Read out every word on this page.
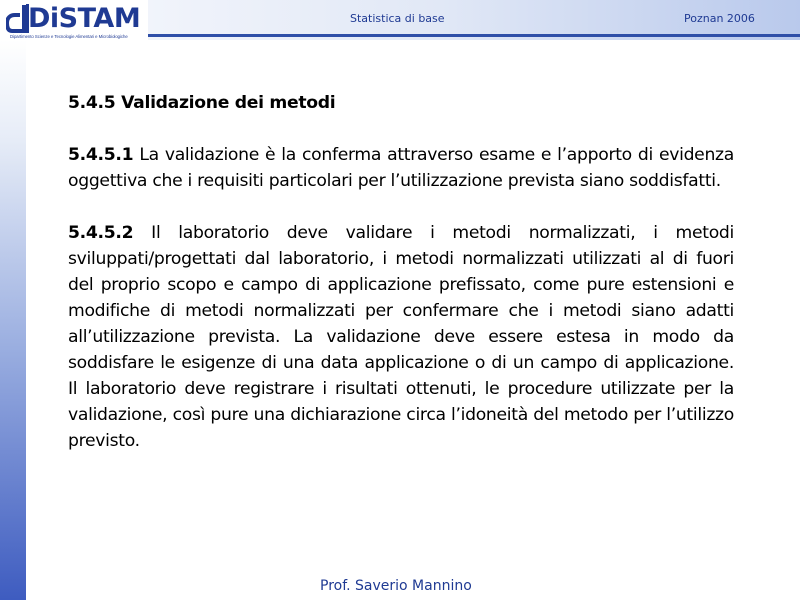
DiSTAM
Dipartimento Scienze e Tecnologie Alimentari e Microbiologiche
Statistica di base	Poznan 2006
5.4.5 Validazione dei metodi
5.4.5.1 La validazione è la conferma attraverso esame e l’apporto di evidenza oggettiva che i requisiti particolari per l’utilizzazione prevista siano soddisfatti.
5.4.5.2 Il laboratorio deve validare i metodi normalizzati, i metodi sviluppati/progettati dal laboratorio, i metodi normalizzati utilizzati al di fuori del proprio scopo e campo di applicazione prefissato, come pure estensioni e modifiche di metodi normalizzati per confermare che i metodi siano adatti all’utilizzazione prevista. La validazione deve essere estesa in modo da soddisfare le esigenze di una data applicazione o di un campo di applicazione. Il laboratorio deve registrare i risultati ottenuti, le procedure utilizzate per la validazione, così pure una dichiarazione circa l’idoneità del metodo per l’utilizzo previsto.
Prof. Saverio Mannino
